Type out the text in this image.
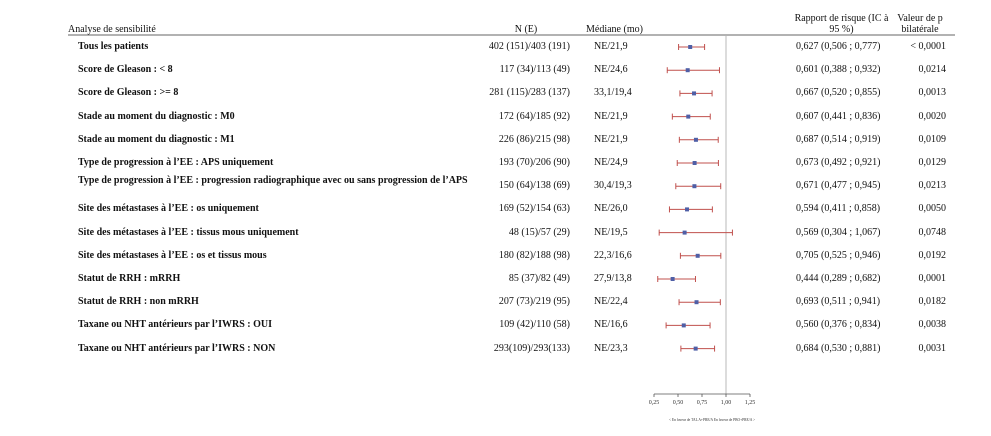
Analyse de sensibilité	N (E)	Médiane (mo)
Rapport de risque (IC à 95 %)
Valeur de p bilatérale
0,25 0,50 0,75 1,00 1,25
< En faveur de TAL A+PRE/A En faveur de PBO+PRE/A >
Tous les patients	402 (151)/403 (191) NE/21,9	0,627 (0,506 ; 0,777)	< 0,0001
Score de Gleason : < 8	117 (34)/113 (49) NE/24,6	0,601 (0,388 ; 0,932)	0,0214
Score de Gleason : >= 8	281 (115)/283 (137) 33,1/19,4	0,667 (0,520 ; 0,855)	0,0013
Stade au moment du diagnostic : M0	172 (64)/185 (92) NE/21,9	0,607 (0,441 ; 0,836)	0,0020
Stade au moment du diagnostic : M1	226 (86)/215 (98) NE/21,9	0,687 (0,514 ; 0,919)	0,0109
Type de progression à l’EE : APS uniquement	193 (70)/206 (90) NE/24,9	0,673 (0,492 ; 0,921)	0,0129
Type de progression à l’EE : progression radiographique avec ou sans progression de l’APS	150 (64)/138 (69) 30,4/19,3	0,671 (0,477 ; 0,945)	0,0213
Site des métastases à l’EE : os uniquement	169 (52)/154 (63) NE/26,0	0,594 (0,411 ; 0,858)	0,0050
Site des métastases à l’EE : tissus mous uniquement	48 (15)/57 (29) NE/19,5	0,569 (0,304 ; 1,067)	0,0748
Site des métastases à l’EE : os et tissus mous	180 (82)/188 (98) 22,3/16,6	0,705 (0,525 ; 0,946)	0,0192
Statut de RRH : mRRH	85 (37)/82 (49) 27,9/13,8	0,444 (0,289 ; 0,682)	0,0001
Statut de RRH : non mRRH	207 (73)/219 (95) NE/22,4	0,693 (0,511 ; 0,941)	0,0182
Taxane ou NHT antérieurs par l’IWRS : OUI	109 (42)/110 (58) NE/16,6	0,560 (0,376 ; 0,834)	0,0038
Taxane ou NHT antérieurs par l’IWRS : NON	293(109)/293(133) NE/23,3	0,684 (0,530 ; 0,881)	0,0031
